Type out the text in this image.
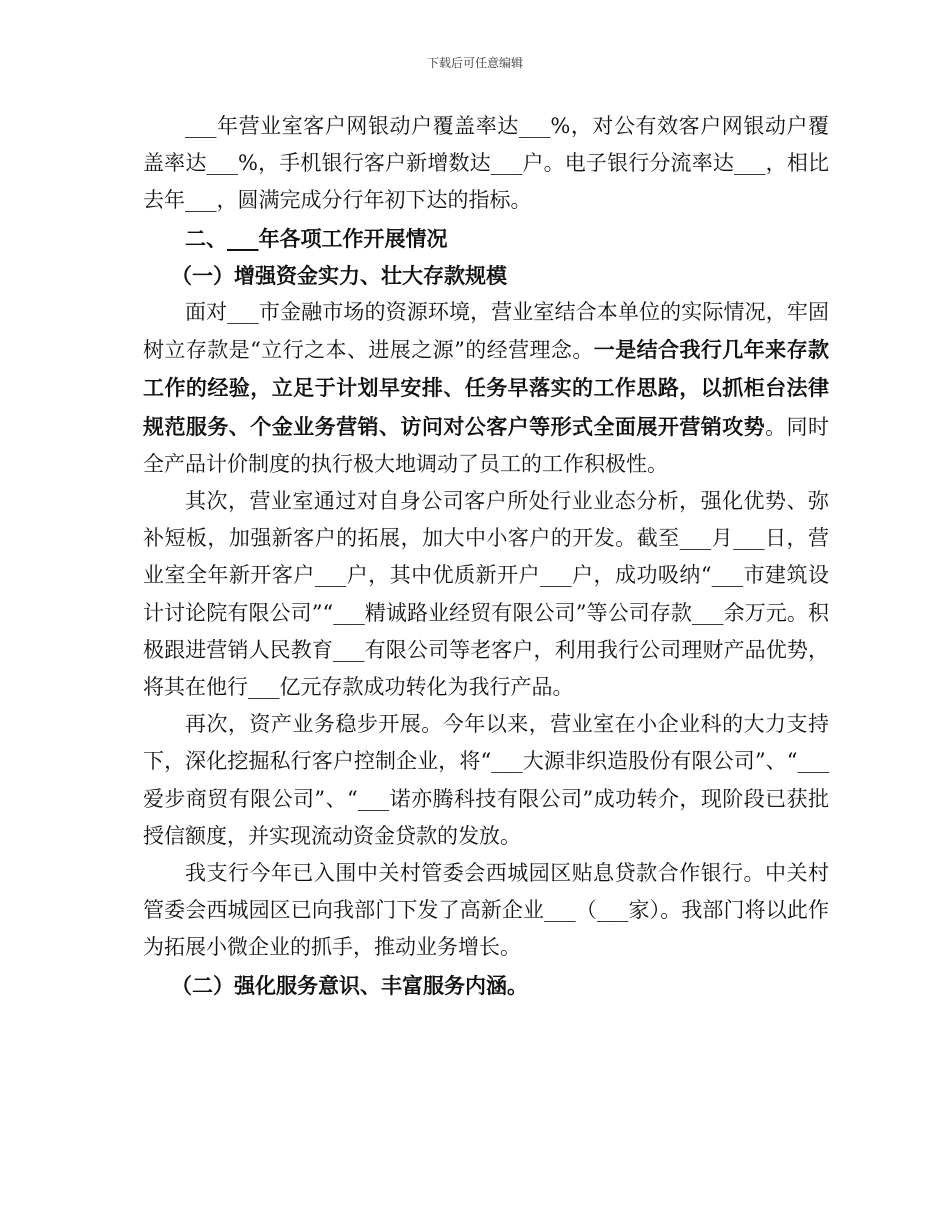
下载后可任意编辑

___年营业室客户网银动户覆盖率达___%，对公有效客户网银动户覆盖率达___%，手机银行客户新增数达___户。电子银行分流率达___，相比去年___，圆满完成分行年初下达的指标。

二、___年各项工作开展情况

（一）增强资金实力、壮大存款规模

面对___市金融市场的资源环境，营业室结合本单位的实际情况，牢固树立存款是“立行之本、进展之源”的经营理念。一是结合我行几年来存款工作的经验，立足于计划早安排、任务早落实的工作思路，以抓柜台法律规范服务、个金业务营销、访问对公客户等形式全面展开营销攻势。同时全产品计价制度的执行极大地调动了员工的工作积极性。

其次，营业室通过对自身公司客户所处行业业态分析，强化优势、弥补短板，加强新客户的拓展，加大中小客户的开发。截至___月___日，营业室全年新开客户___户，其中优质新开户___户，成功吸纳“___市建筑设计讨论院有限公司”“___精诚路业经贸有限公司”等公司存款___余万元。积极跟进营销人民教育___有限公司等老客户，利用我行公司理财产品优势，将其在他行___亿元存款成功转化为我行产品。

再次，资产业务稳步开展。今年以来，营业室在小企业科的大力支持下，深化挖掘私行客户控制企业，将“___大源非织造股份有限公司”、“___爱步商贸有限公司”、“___诺亦腾科技有限公司”成功转介，现阶段已获批授信额度，并实现流动资金贷款的发放。

我支行今年已入围中关村管委会西城园区贴息贷款合作银行。中关村管委会西城园区已向我部门下发了高新企业___（___家）。我部门将以此作为拓展小微企业的抓手，推动业务增长。

（二）强化服务意识、丰富服务内涵。
